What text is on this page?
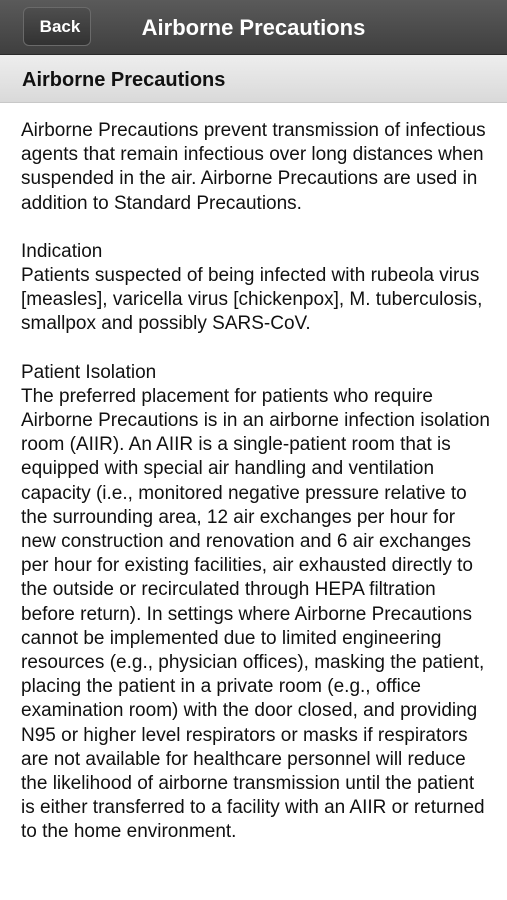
Airborne Precautions
Back
Airborne Precautions

Airborne Precautions prevent transmission of infectious agents that remain infectious over long distances when suspended in the air. Airborne Precautions are used in addition to Standard Precautions.

Indication

Patients suspected of being infected with rubeola virus [measles], varicella virus [chickenpox], M. tuberculosis, smallpox and possibly SARS-CoV.

Patient Isolation

The preferred placement for patients who require Airborne Precautions is in an airborne infection isolation room (AIIR). An AIIR is a single-patient room that is equipped with special air handling and ventilation capacity (i.e., monitored negative pressure relative to the surrounding area, 12 air exchanges per hour for new construction and renovation and 6 air exchanges per hour for existing facilities, air exhausted directly to the outside or recirculated through HEPA filtration before return). In settings where Airborne Precautions cannot be implemented due to limited engineering resources (e.g., physician offices), masking the patient, placing the patient in a private room (e.g., office examination room) with the door closed, and providing N95 or higher level respirators or masks if respirators are not available for healthcare personnel will reduce the likelihood of airborne transmission until the patient is either transferred to a facility with an AIIR or returned to the home environment.
